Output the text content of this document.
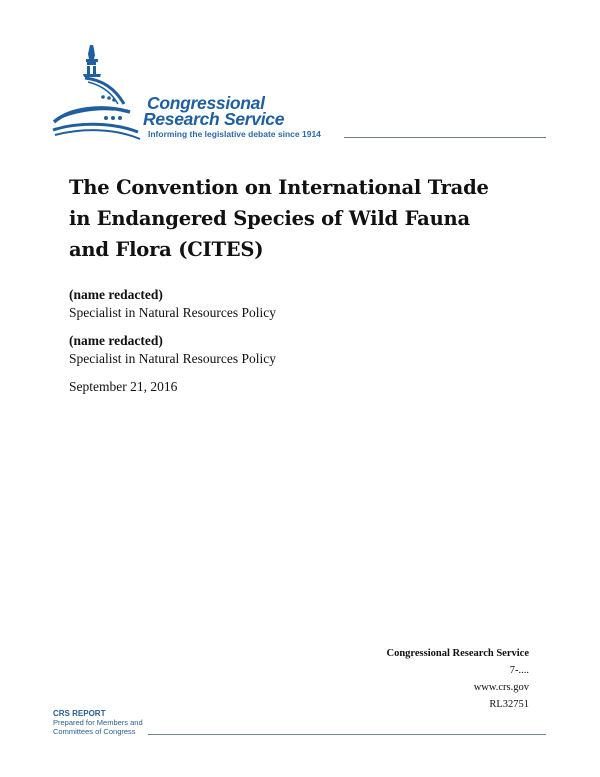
Congressional
Research Service
Informing the legislative debate since 1914
The Convention on International Trade in Endangered Species of Wild Fauna and Flora (CITES)
(name redacted)
Specialist in Natural Resources Policy
(name redacted)
Specialist in Natural Resources Policy
September 21, 2016
Congressional Research Service
7-....
www.crs.gov
RL32751
CRS REPORT
Prepared for Members and
Committees of Congress
